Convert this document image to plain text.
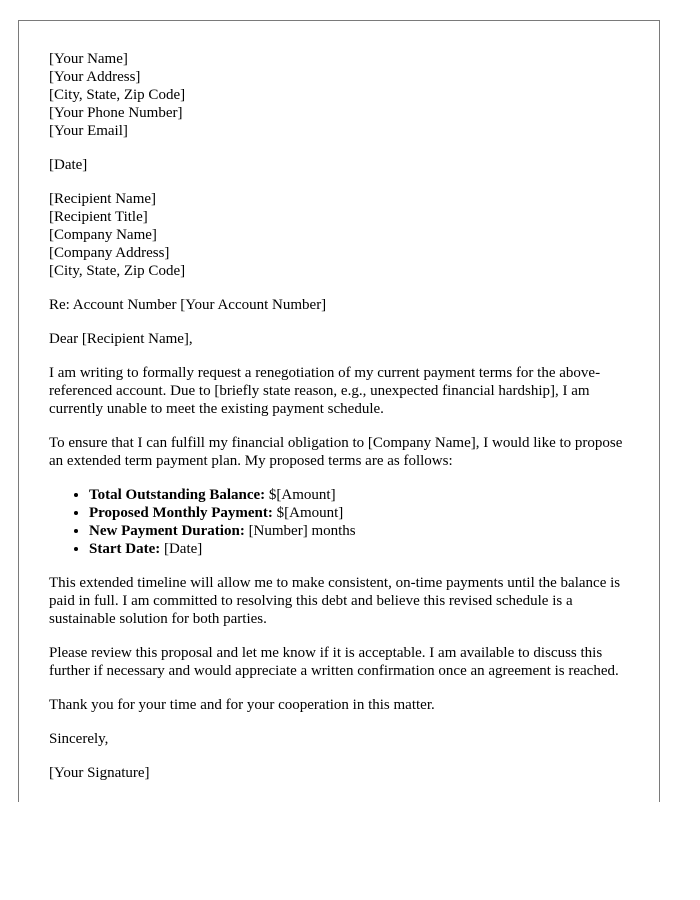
[Your Name]
[Your Address]
[City, State, Zip Code]
[Your Phone Number]
[Your Email]
[Date]
[Recipient Name]
[Recipient Title]
[Company Name]
[Company Address]
[City, State, Zip Code]

Re: Account Number [Your Account Number]

Dear [Recipient Name],

I am writing to formally request a renegotiation of my current payment terms for the above-referenced account. Due to [briefly state reason, e.g., unexpected financial hardship], I am currently unable to meet the existing payment schedule.

To ensure that I can fulfill my financial obligation to [Company Name], I would like to propose an extended term payment plan. My proposed terms are as follows:

• Total Outstanding Balance: $[Amount]
• Proposed Monthly Payment: $[Amount]
• New Payment Duration: [Number] months
• Start Date: [Date]

This extended timeline will allow me to make consistent, on-time payments until the balance is paid in full. I am committed to resolving this debt and believe this revised schedule is a sustainable solution for both parties.

Please review this proposal and let me know if it is acceptable. I am available to discuss this further if necessary and would appreciate a written confirmation once an agreement is reached.

Thank you for your time and for your cooperation in this matter.

Sincerely,

[Your Signature]
